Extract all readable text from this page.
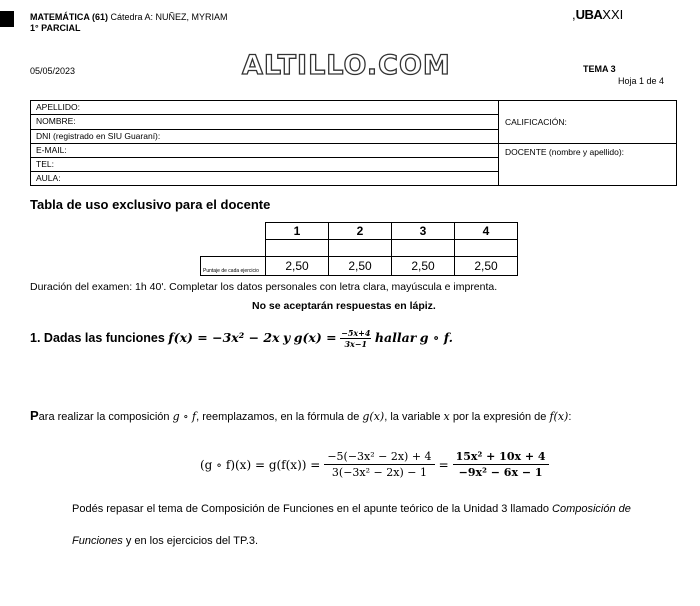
MATEMÁTICA (61) Cátedra A: NUÑEZ, MYRIAM
1° PARCIAL
,UBAXXI
05/05/2023	ALTILLO.COM	TEMA 3
Hoja 1 de 4
APELLIDO:
NOMBRE:
DNI (registrado en SIU Guaraní):
E-MAIL:
TEL:
AULA:
CALIFICACIÓN:
DOCENTE (nombre y apellido):
Tabla de uso exclusivo para el docente
	1	2	3	4

Puntaje de cada ejercicio	2,50	2,50	2,50	2,50
Duración del examen: 1h 40'. Completar los datos personales con letra clara, mayúscula e imprenta.
No se aceptarán respuestas en lápiz.
1. Dadas las funciones f(x) = −3x² − 2x y $g(x) = \frac{-5x+4}{3x-1}$ hallar g ∘ f.
Para realizar la composición g ∘ f, reemplazamos, en la fórmula de g(x), la variable x por la expresión de f(x):
(g ∘ $f)(x) = g(f(x)) = \frac{\text{−5(−3x² − 2x) + 4}}{\text{3(−3x² − 2x) − 1}} = \frac{\text{15x² + 10x + 4}}{\text{−9x² − 6x − 1}}$
Podés repasar el tema de Composición de Funciones en el apunte teórico de la Unidad 3 llamado Composición de
Funciones y en los ejercicios del TP.3.
